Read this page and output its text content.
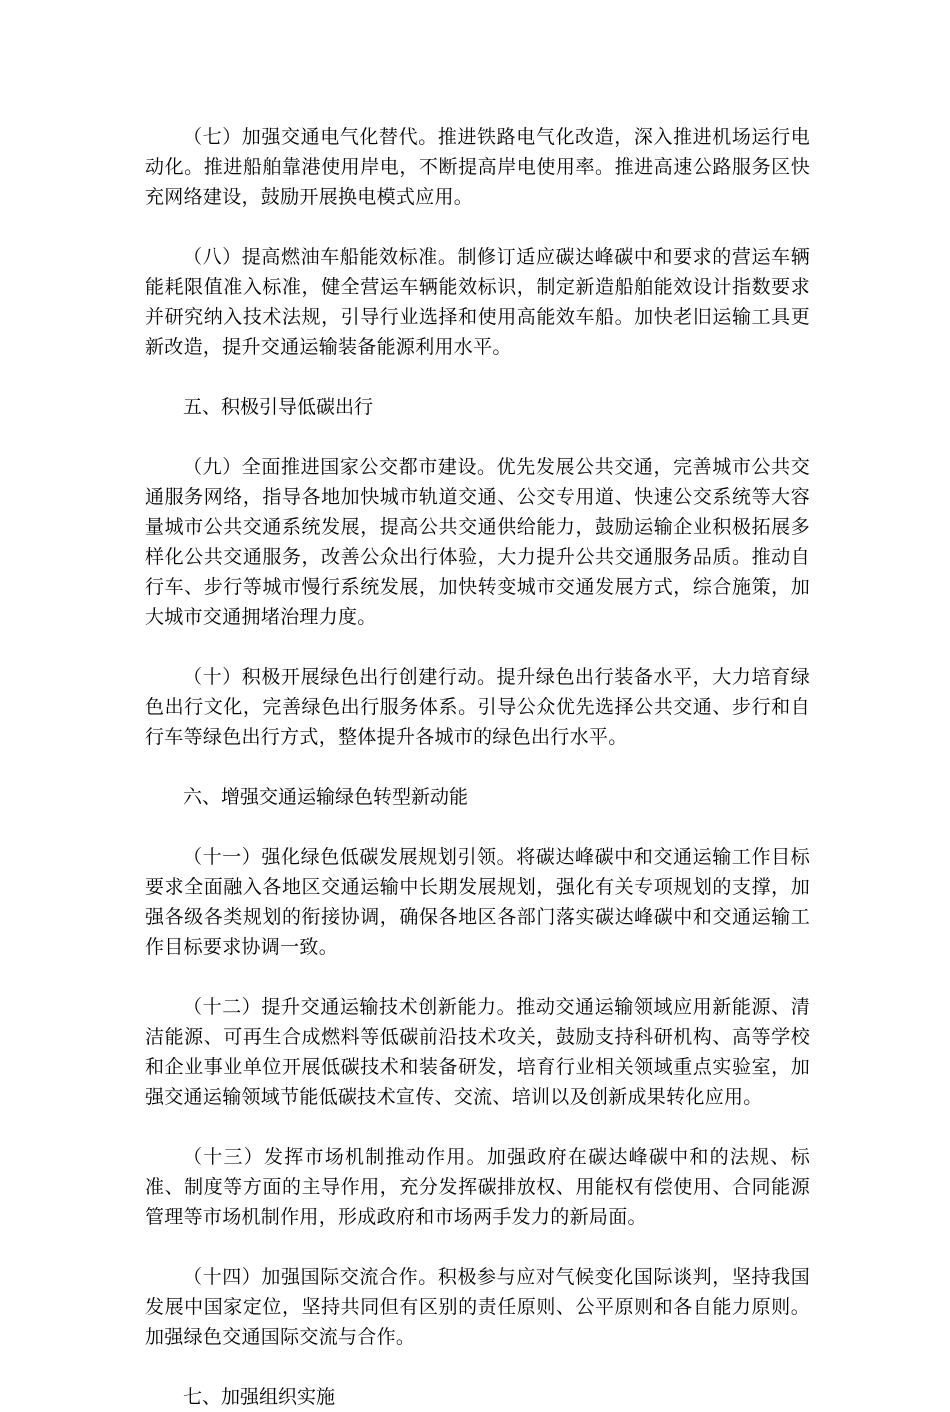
（七）加强交通电气化替代。推进铁路电气化改造，深入推进机场运行电动化。推进船舶靠港使用岸电，不断提高岸电使用率。推进高速公路服务区快充网络建设，鼓励开展换电模式应用。

（八）提高燃油车船能效标准。制修订适应碳达峰碳中和要求的营运车辆能耗限值准入标准，健全营运车辆能效标识，制定新造船舶能效设计指数要求并研究纳入技术法规，引导行业选择和使用高能效车船。加快老旧运输工具更新改造，提升交通运输装备能源利用水平。

五、积极引导低碳出行

（九）全面推进国家公交都市建设。优先发展公共交通，完善城市公共交通服务网络，指导各地加快城市轨道交通、公交专用道、快速公交系统等大容量城市公共交通系统发展，提高公共交通供给能力，鼓励运输企业积极拓展多样化公共交通服务，改善公众出行体验，大力提升公共交通服务品质。推动自行车、步行等城市慢行系统发展，加快转变城市交通发展方式，综合施策，加大城市交通拥堵治理力度。

（十）积极开展绿色出行创建行动。提升绿色出行装备水平，大力培育绿色出行文化，完善绿色出行服务体系。引导公众优先选择公共交通、步行和自行车等绿色出行方式，整体提升各城市的绿色出行水平。

六、增强交通运输绿色转型新动能

（十一）强化绿色低碳发展规划引领。将碳达峰碳中和交通运输工作目标要求全面融入各地区交通运输中长期发展规划，强化有关专项规划的支撑，加强各级各类规划的衔接协调，确保各地区各部门落实碳达峰碳中和交通运输工作目标要求协调一致。

（十二）提升交通运输技术创新能力。推动交通运输领域应用新能源、清洁能源、可再生合成燃料等低碳前沿技术攻关，鼓励支持科研机构、高等学校和企业事业单位开展低碳技术和装备研发，培育行业相关领域重点实验室，加强交通运输领域节能低碳技术宣传、交流、培训以及创新成果转化应用。

（十三）发挥市场机制推动作用。加强政府在碳达峰碳中和的法规、标准、制度等方面的主导作用，充分发挥碳排放权、用能权有偿使用、合同能源管理等市场机制作用，形成政府和市场两手发力的新局面。

（十四）加强国际交流合作。积极参与应对气候变化国际谈判，坚持我国发展中国家定位，坚持共同但有区别的责任原则、公平原则和各自能力原则。加强绿色交通国际交流与合作。

七、加强组织实施
